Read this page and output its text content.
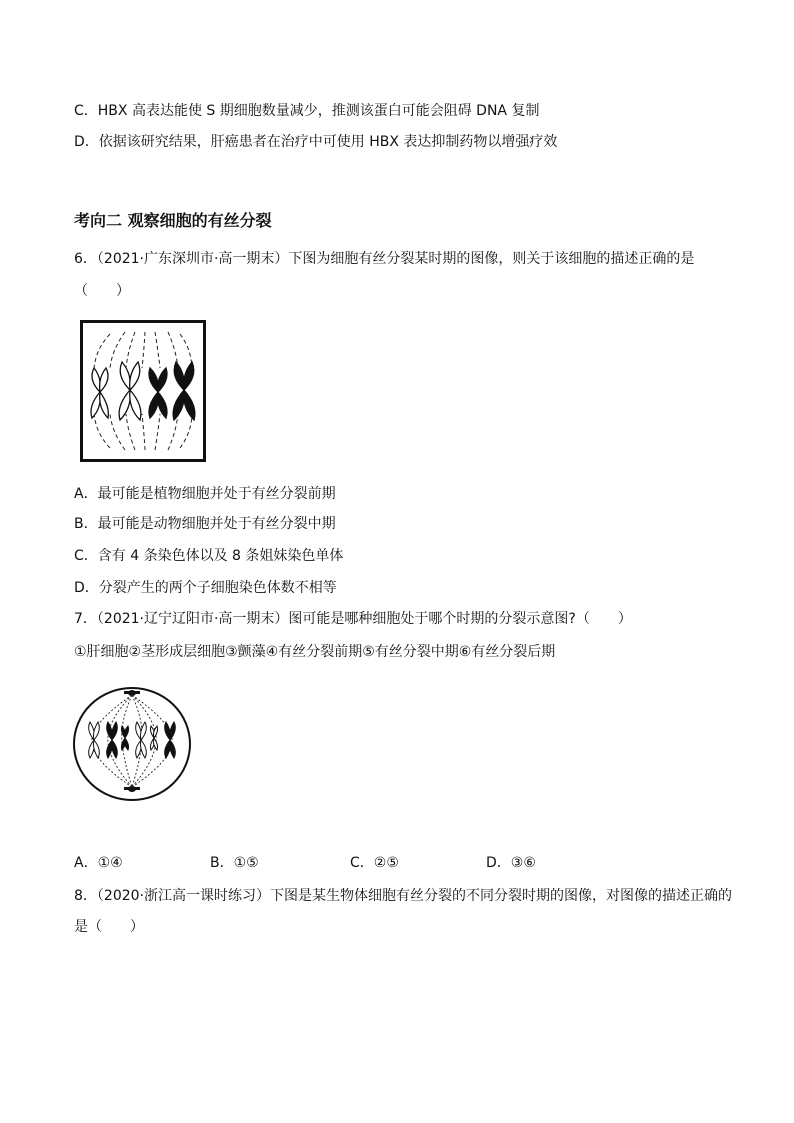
C．HBX 高表达能使 S 期细胞数量减少，推测该蛋白可能会阻碍 DNA 复制
D．依据该研究结果，肝癌患者在治疗中可使用 HBX 表达抑制药物以增强疗效
考向二 观察细胞的有丝分裂
6．（2021·广东深圳市·高一期末）下图为细胞有丝分裂某时期的图像，则关于该细胞的描述正确的是
（　　）
A．最可能是植物细胞并处于有丝分裂前期
B．最可能是动物细胞并处于有丝分裂中期
C．含有 4 条染色体以及 8 条姐妹染色单体
D．分裂产生的两个子细胞染色体数不相等
7．（2021·辽宁辽阳市·高一期末）图可能是哪种细胞处于哪个时期的分裂示意图?（　　）
①肝细胞②茎形成层细胞③颤藻④有丝分裂前期⑤有丝分裂中期⑥有丝分裂后期
A．①④	B．①⑤	C．②⑤	D．③⑥
8．（2020·浙江高一课时练习）下图是某生物体细胞有丝分裂的不同分裂时期的图像，对图像的描述正确的
是（　　）
